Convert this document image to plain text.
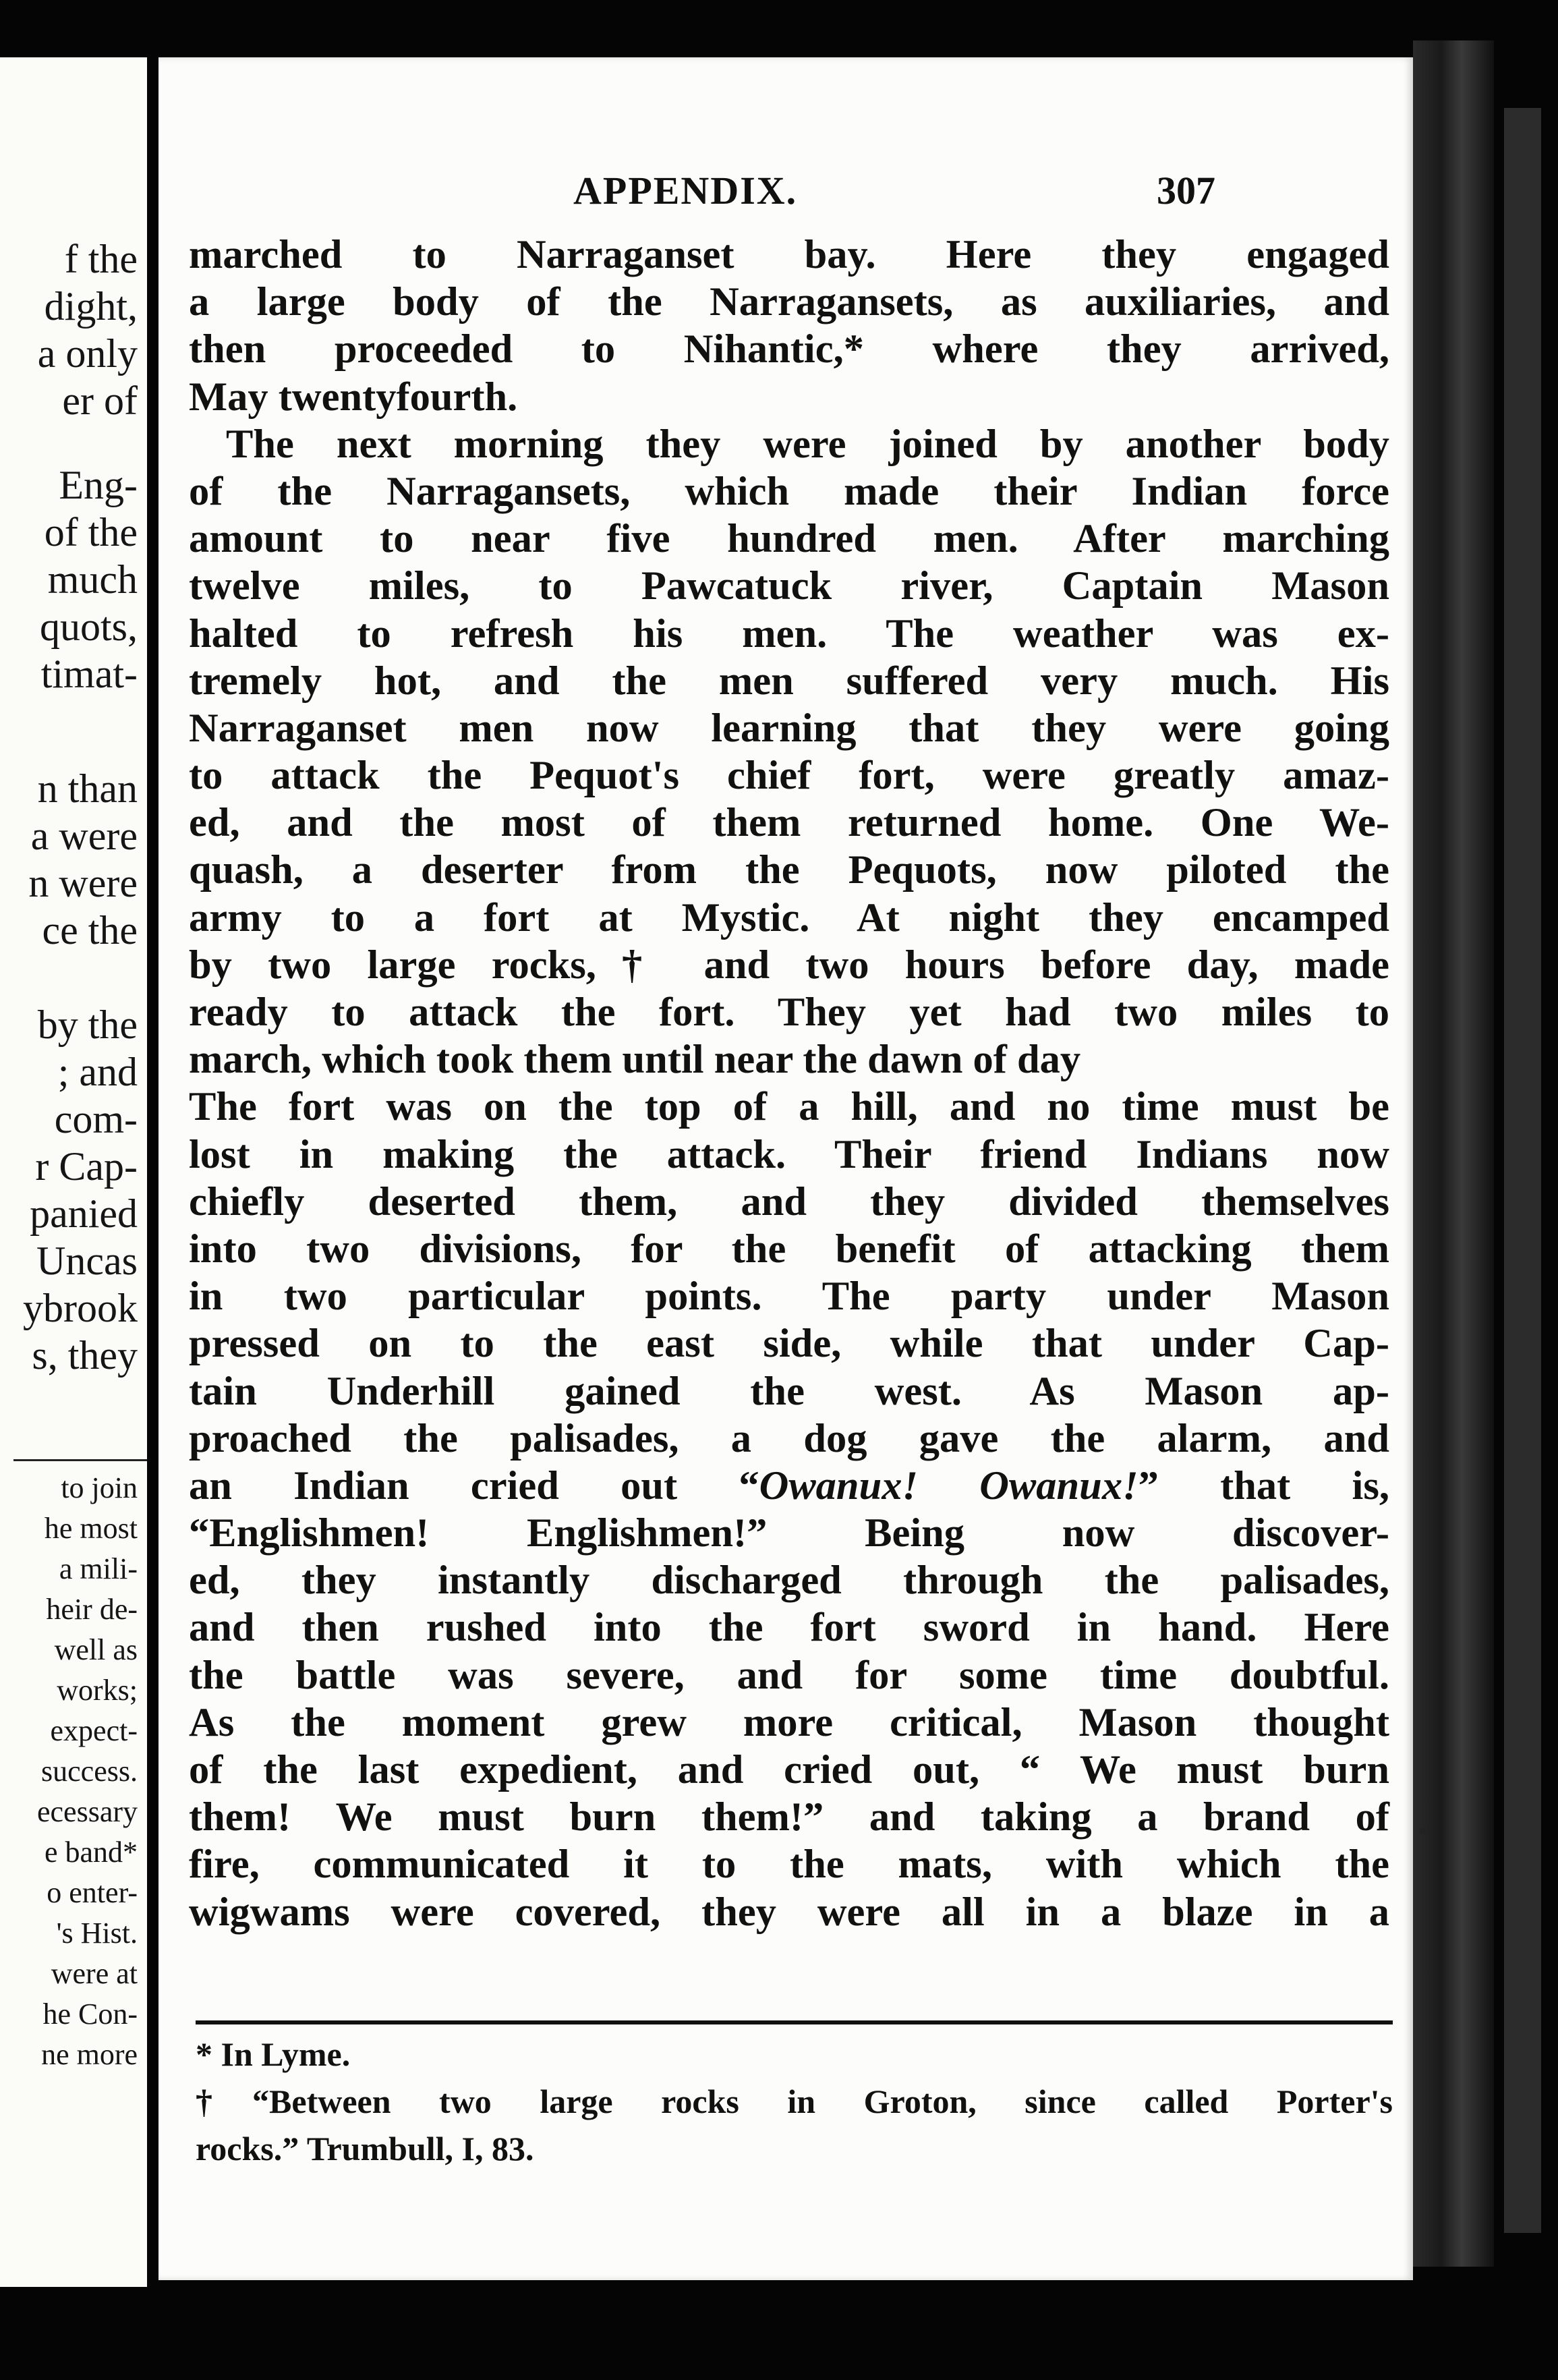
f the
dight,
a only
er of
Eng-
of the
much
quots,
timat-
n than
a were
n were
ce the
by the
; and
com-
r Cap-
panied
Uncas
ybrook
s, they
to join
he most
a mili-
heir de-
well as
works;
expect-
success.
ecessary
e band*
o enter-
's Hist.
were at
he Con-
ne more
APPENDIX.	307
marched to Narraganset bay. Here they engaged
a large body of the Narragansets, as auxiliaries, and
then proceeded to Nihantic,* where they arrived,
May twentyfourth.
The next morning they were joined by another body
of the Narragansets, which made their Indian force
amount to near five hundred men. After marching
twelve miles, to Pawcatuck river, Captain Mason
halted to refresh his men. The weather was ex-
tremely hot, and the men suffered very much. His
Narraganset men now learning that they were going
to attack the Pequot's chief fort, were greatly amaz-
ed, and the most of them returned home. One We-
quash, a deserter from the Pequots, now piloted the
army to a fort at Mystic. At night they encamped
by two large rocks,† and two hours before day, made
ready to attack the fort. They yet had two miles to
march, which took them until near the dawn of day
The fort was on the top of a hill, and no time must be
lost in making the attack. Their friend Indians now
chiefly deserted them, and they divided themselves
into two divisions, for the benefit of attacking them
in two particular points. The party under Mason
pressed on to the east side, while that under Cap-
tain Underhill gained the west. As Mason ap-
proached the palisades, a dog gave the alarm, and
an Indian cried out “Owanux! Owanux!” that is,
“Englishmen! Englishmen!” Being now discover-
ed, they instantly discharged through the palisades,
and then rushed into the fort sword in hand. Here
the battle was severe, and for some time doubtful.
As the moment grew more critical, Mason thought
of the last expedient, and cried out, “ We must burn
them! We must burn them!” and taking a brand of
fire, communicated it to the mats, with which the
wigwams were covered, they were all in a blaze in a
* In Lyme.
†“Between two large rocks in Groton, since called Porter's
rocks.” Trumbull, I, 83.
